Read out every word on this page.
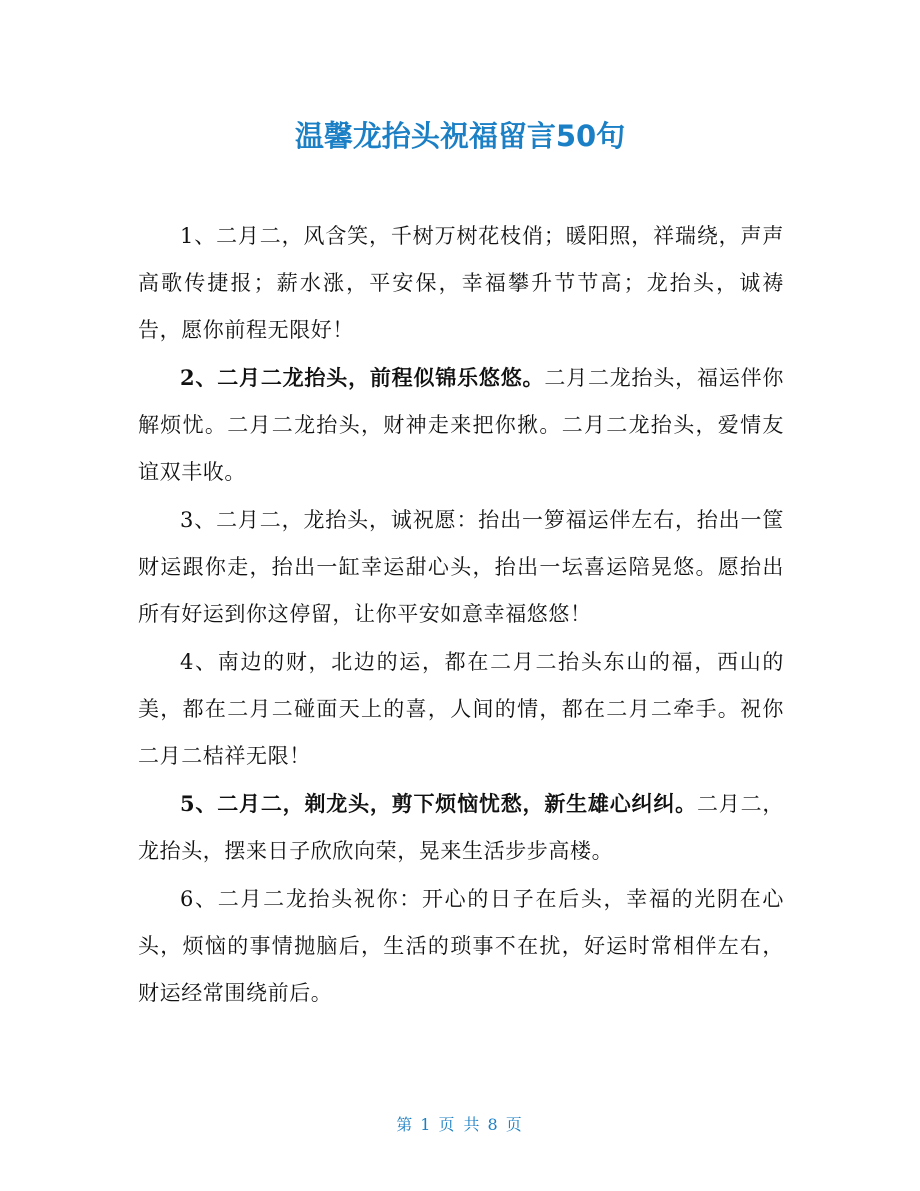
温馨龙抬头祝福留言50句

1、二月二，风含笑，千树万树花枝俏；暖阳照，祥瑞绕，声声高歌传捷报；薪水涨，平安保，幸福攀升节节高；龙抬头，诚祷告，愿你前程无限好！

2、二月二龙抬头，前程似锦乐悠悠。二月二龙抬头，福运伴你解烦忧。二月二龙抬头，财神走来把你揪。二月二龙抬头，爱情友谊双丰收。

3、二月二，龙抬头，诚祝愿：抬出一箩福运伴左右，抬出一筐财运跟你走，抬出一缸幸运甜心头，抬出一坛喜运陪晃悠。愿抬出所有好运到你这停留，让你平安如意幸福悠悠！

4、南边的财，北边的运，都在二月二抬头东山的福，西山的美，都在二月二碰面天上的喜，人间的情，都在二月二牵手。祝你二月二桔祥无限！

5、二月二，剃龙头，剪下烦恼忧愁，新生雄心纠纠。二月二，龙抬头，摆来日子欣欣向荣，晃来生活步步高楼。

6、二月二龙抬头祝你：开心的日子在后头，幸福的光阴在心头，烦恼的事情抛脑后，生活的琐事不在扰，好运时常相伴左右，财运经常围绕前后。

第 1 页 共 8 页
